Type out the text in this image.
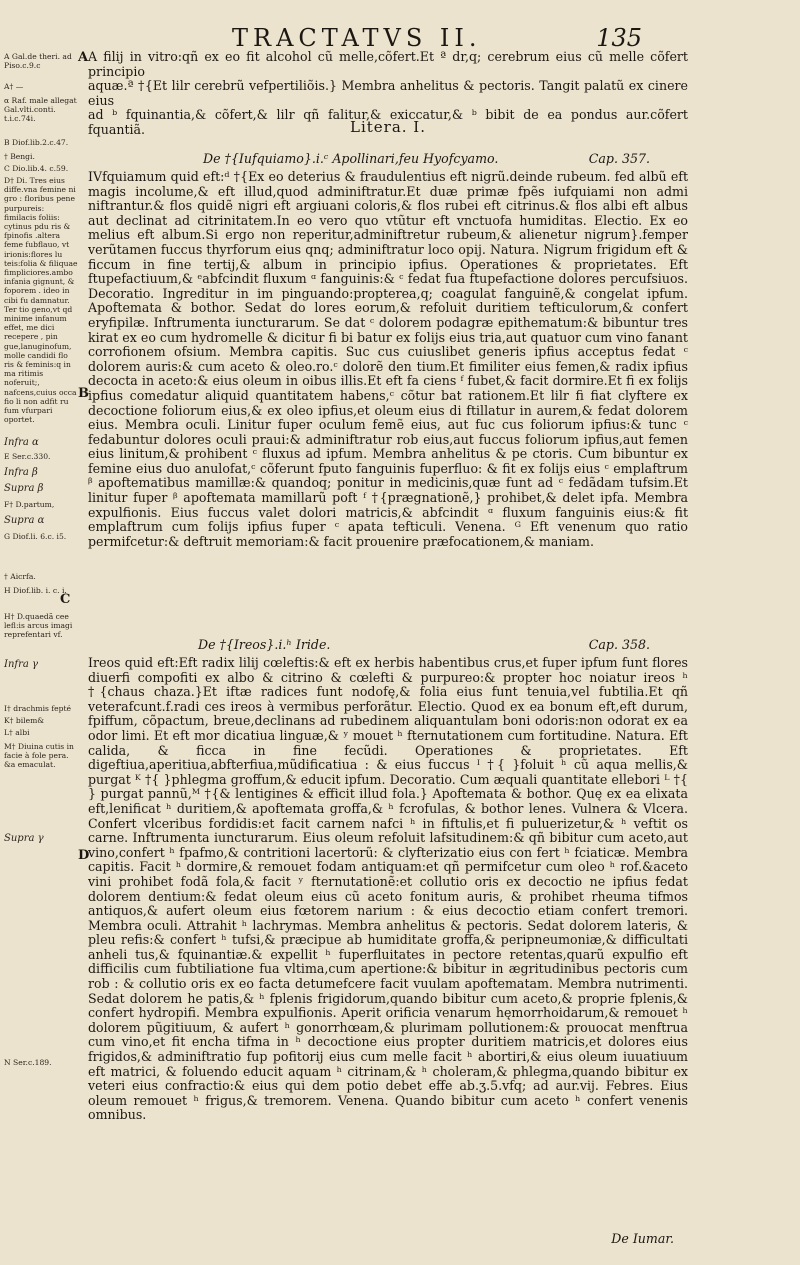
TRACTATVS II.	135
A Gal.de theri. ad Piso.c.9.c
A† —
α Raf. male allegat Gal.vlti.conti. t.i.c.74i.
† Bengi.
B Diof.lib.2.c.47.
C Dio.lib.4. c.59.
D† Di. Tres eius diffe.vna femine ni gro : floribus pene purpureis: fimilacis foliis: cytinus pdu ris & fpinofis .altera feme fubflauo, vt irionis:flores lu teis:folia & filiquae fimpliciores.ambo infania gignunt, & foporem . ideo in cibi fu damnatur. Ter tio geno,vt qd minime infanum effet, me dici recepere , pin gue,lanuginofum, molle candidi flo ris & feminis:q in ma ritimis noferuit;, nafcens,cuius occa fio li non adfit ru fum vfurpari oportet.
Infra α
E Ser.c.330.
Infra β
Supra β
F† D.partum,
Supra α
G Diof.li. 6.c. i5.
† Aicrfa.
H Diof.lib. i. c. i.
H† D.quaedã cee lefl:is arcus imagi reprefentari vf.
Infra γ
I† drachmis fepté
K† bilem&
L† albi
M† Diuina cutis in facie à fole pera. &a emaculat.
Supra γ
N Ser.c.189.
A
B
C
D

A filij in vitro:qñ ex eo fit alcohol cũ melle,cõfert.Et ª dr,q; cerebrum eius cũ melle cõfert principio

aquæ.ª †{Et lilr cerebrũ vefpertiliõis.} Membra anhelitus & pectoris. Tangit palatũ ex cinere eius

ad ᵇ fquinantia,& cõfert,& lilr qñ falitur,& exiccatur,& ᵇ bibit de ea pondus aur.cõfert fquantiã.	Litera. I.
De †{Iufquiamo}.i.ᶜ Apollinari,feu Hyofcyamo.	Cap. 357.

IVfquiamum quid eft:ᵈ †{Ex eo deterius & fraudulentius eft nigrũ.deinde rubeum. fed albũ eft magis incolume,& eft illud,quod adminiftratur.Et duæ primæ fpẽs iufquiami non admi niftrantur.& flos quidẽ nigri eft argiuani coloris,& flos rubei eft citrinus.& flos albi eft albus aut declinat ad citrinitatem.In eo vero quo vtũtur eft vnctuofa humiditas. Electio. Ex eo melius eft album.Si ergo non reperitur,adminiftretur rubeum,& alienetur nigrum}.femper verũtamen fuccus thyrforum eius qnq; adminiftratur loco opij. Natura. Nigrum frigidum eft & ficcum in fine tertij,& album in principio ipfius. Operationes & proprietates. Eft ftupefactiuum,& ᵉabfcindit fluxum ᵅ fanguinis:& ᶜ fedat fua ftupefactione dolores percufsiuos. Decoratio. Ingreditur in im pinguando:propterea,q; coagulat fanguinẽ,& congelat ipfum. Apoftemata & bothor. Sedat do lores eorum,& refoluit duritiem tefticulorum,& confert eryfipilæ. Inftrumenta iuncturarum. Se dat ᶜ dolorem podagræ epithematum:& bibuntur tres kirat ex eo cum hydromelle & dicitur fi bi batur ex folijs eius tria,aut quatuor cum vino fanant corrofionem ofsium. Membra capitis. Suc cus cuiuslibet generis ipfius acceptus fedat ᶜ dolorem auris:& cum aceto & oleo.ro.ᶜ dolorẽ den tium.Et fimiliter eius femen,& radix ipfius decocta in aceto:& eius oleum in oibus illis.Et eft fa ciens ᶠ fubet,& facit dormire.Et fi ex folijs ipfius comedatur aliquid quantitatem habens,ᶜ cõtur bat rationem.Et lilr fi fiat clyftere ex decoctione foliorum eius,& ex oleo ipfius,et oleum eius di ftillatur in aurem,& fedat dolorem eius. Membra oculi. Linitur fuper oculum femẽ eius, aut fuc cus foliorum ipfius:& tunc ᶜ fedabuntur dolores oculi praui:& adminiftratur rob eius,aut fuccus foliorum ipfius,aut femen eius linitum,& prohibent ᶜ fluxus ad ipfum. Membra anhelitus & pe ctoris. Cum bibuntur ex femine eius duo anulofat,ᶜ cõferunt fputo fanguinis fuperfluo: & fit ex folijs eius ᶜ emplaftrum ᵝ apoftematibus mamillæ:& quandoq; ponitur in medicinis,quæ funt ad ᶜ fedãdam tufsim.Et linitur fuper ᵝ apoftemata mamillarũ poft ᶠ †{prægnationẽ,} prohibet,& delet ipfa. Membra expulfionis. Eius fuccus valet dolori matricis,& abfcindit ᵅ fluxum fanguinis eius:& fit emplaftrum cum folijs ipfius fuper ᶜ apata tefticuli. Venena. ᴳ Eft venenum quo ratio permifcetur:& deftruit memoriam:& facit prouenire præfocationem,& maniam.

De †{Ireos}.i.ʰ Iride.	Cap. 358.

Ireos quid eft:Eft radix lilij cœleftis:& eft ex herbis habentibus crus,et fuper ipfum funt flores diuerfi compofiti ex albo & citrino & cœlefti & purpureo:& propter hoc noiatur ireos ʰ †{chaus chaza.}Et iftæ radices funt nodofę,& folia eius funt tenuia,vel fubtilia.Et qñ veterafcunt.f.radi ces ireos à vermibus perforãtur. Electio. Quod ex ea bonum eft,eft durum, fpiffum, cõpactum, breue,declinans ad rubedinem aliquantulam boni odoris:non odorat ex ea odor limi. Et eft mor dicatiua linguæ,& ʸ mouet ʰ fternutationem cum fortitudine. Natura. Eft calida, & ficca in fine fecũdi. Operationes & proprietates. Eft digeftiua,aperitiua,abfterfiua,mũdificatiua : & eius fuccus ᴵ †{ }foluit ʰ cũ aqua mellis,& purgat ᴷ †{ }phlegma groffum,& educit ipfum. Decoratio. Cum æquali quantitate ellebori ᴸ †{ } purgat pannũ,ᴹ †{& lentigines & efficit illud fola.} Apoftemata & bothor. Quę ex ea elixata eft,lenificat ʰ duritiem,& apoftemata groffa,& ʰ fcrofulas, & bothor lenes. Vulnera & Vlcera. Confert vlceribus fordidis:et facit carnem nafci ʰ in fiftulis,et fi puluerizetur,& ʰ veftit os carne. Inftrumenta iuncturarum. Eius oleum refoluit lafsitudinem:& qñ bibitur cum aceto,aut vino,confert ʰ fpafmo,& contritioni lacertorũ: & clyfterizatio eius con fert ʰ fciaticæ. Membra capitis. Facit ʰ dormire,& remouet fodam antiquam:et qñ permifcetur cum oleo ʰ rof.&aceto vini prohibet fodã fola,& facit ʸ fternutationẽ:et collutio oris ex decoctio ne ipfius fedat dolorem dentium:& fedat oleum eius cũ aceto fonitum auris, & prohibet rheuma tifmos antiquos,& aufert oleum eius fœtorem narium : & eius decoctio etiam confert tremori. Membra oculi. Attrahit ʰ lachrymas. Membra anhelitus & pectoris. Sedat dolorem lateris, & pleu refis:& confert ʰ tufsi,& præcipue ab humiditate groffa,& peripneumoniæ,& difficultati anheli tus,& fquinantiæ.& expellit ʰ fuperfluitates in pectore retentas,quarũ expulfio eft difficilis cum fubtiliatione fua vltima,cum apertione:& bibitur in ægritudinibus pectoris cum rob : & collutio oris ex eo facta detumefcere facit vuulam apoftematam. Membra nutrimenti. Sedat dolorem he patis,& ʰ fplenis frigidorum,quando bibitur cum aceto,& proprie fplenis,& confert hydropifi. Membra expulfionis. Aperit orificia venarum hęmorrhoidarum,& remouet ʰ dolorem pũgitiuum, & aufert ʰ gonorrhœam,& plurimam pollutionem:& prouocat menftrua cum vino,et fit encha tifma in ʰ decoctione eius propter duritiem matricis,et dolores eius frigidos,& adminiftratio fup pofitorij eius cum melle facit ʰ abortiri,& eius oleum iuuatiuum eft matrici, & foluendo educit aquam ʰ citrinam,& ʰ choleram,& phlegma,quando bibitur ex veteri eius confractio:& eius qui dem potio debet effe ab.ʒ.5.vfq; ad aur.vij. Febres. Eius oleum remouet ʰ frigus,& tremorem. Venena. Quando bibitur cum aceto ʰ confert venenis omnibus.

De Iumar.
